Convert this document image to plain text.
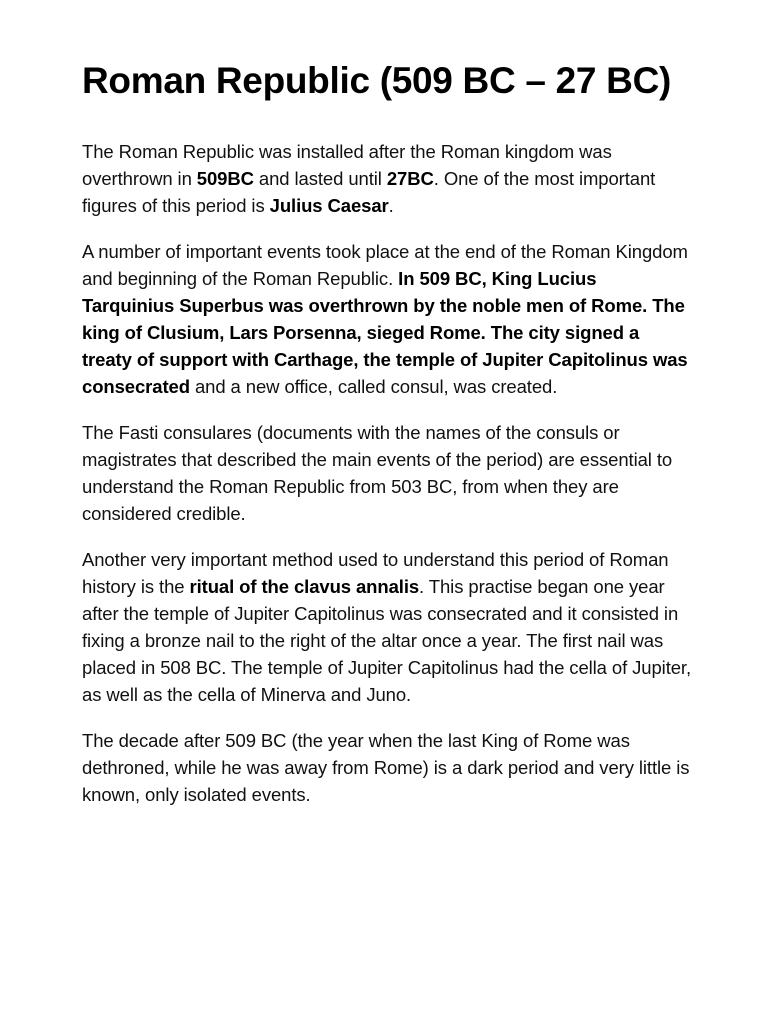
Roman Republic (509 BC – 27 BC)

The Roman Republic was installed after the Roman kingdom was overthrown in 509BC and lasted until 27BC. One of the most important figures of this period is Julius Caesar.

A number of important events took place at the end of the Roman Kingdom and beginning of the Roman Republic. In 509 BC, King Lucius Tarquinius Superbus was overthrown by the noble men of Rome. The king of Clusium, Lars Porsenna, sieged Rome. The city signed a treaty of support with Carthage, the temple of Jupiter Capitolinus was consecrated and a new office, called consul, was created.

The Fasti consulares (documents with the names of the consuls or magistrates that described the main events of the period) are essential to understand the Roman Republic from 503 BC, from when they are considered credible.

Another very important method used to understand this period of Roman history is the ritual of the clavus annalis. This practise began one year after the temple of Jupiter Capitolinus was consecrated and it consisted in fixing a bronze nail to the right of the altar once a year. The first nail was placed in 508 BC. The temple of Jupiter Capitolinus had the cella of Jupiter, as well as the cella of Minerva and Juno.

The decade after 509 BC (the year when the last King of Rome was dethroned, while he was away from Rome) is a dark period and very little is known, only isolated events.
